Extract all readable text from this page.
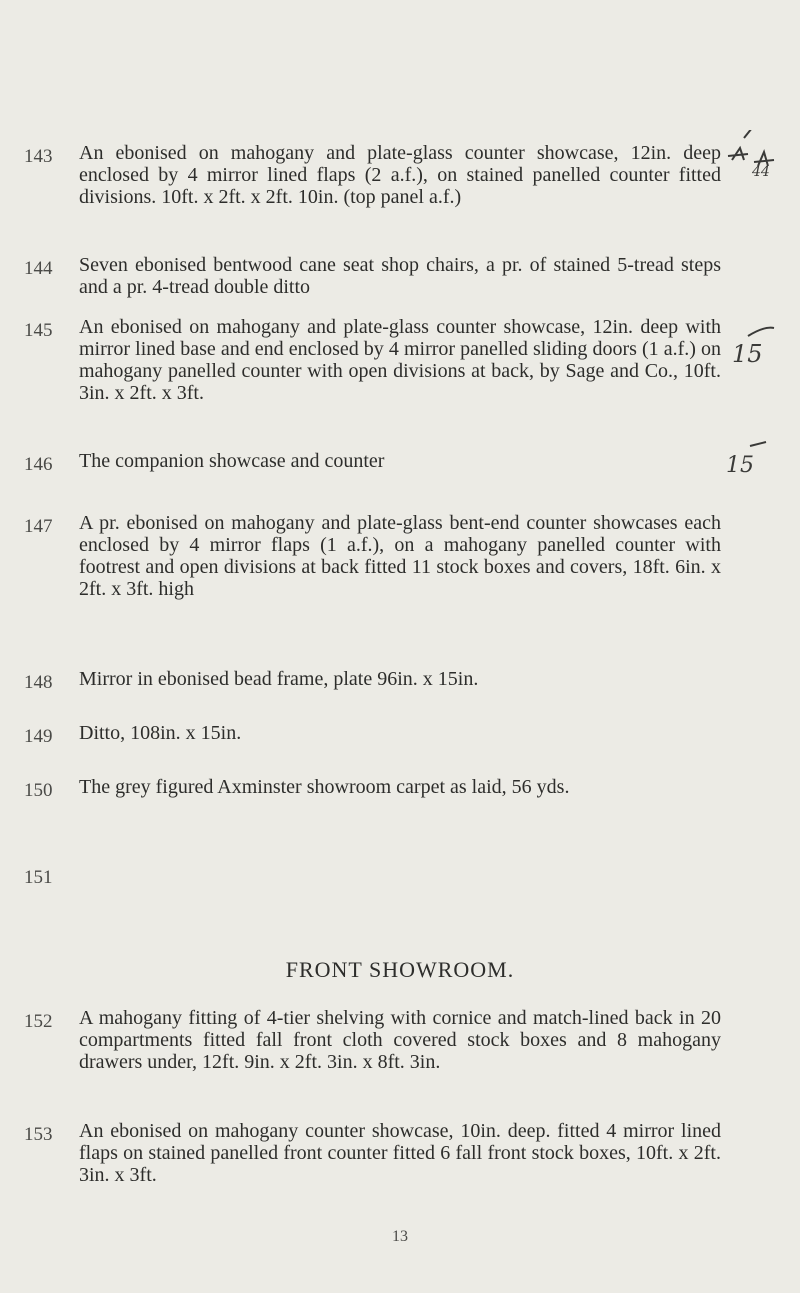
143 An ebonised on mahogany and plate-glass counter showcase, 12in. deep enclosed by 4 mirror lined flaps (2 a.f.), on stained panelled counter fitted divisions. 10ft. x 2ft. x 2ft. 10in. (top panel a.f.)

144 Seven ebonised bentwood cane seat shop chairs, a pr. of stained 5-tread steps and a pr. 4-tread double ditto

145 An ebonised on mahogany and plate-glass counter showcase, 12in. deep with mirror lined base and end enclosed by 4 mirror panelled sliding doors (1 a.f.) on mahogany panelled counter with open divisions at back, by Sage and Co., 10ft. 3in. x 2ft. x 3ft.

146 The companion showcase and counter

147 A pr. ebonised on mahogany and plate-glass bent-end counter showcases each enclosed by 4 mirror flaps (1 a.f.), on a mahogany panelled counter with footrest and open divisions at back fitted 11 stock boxes and covers, 18ft. 6in. x 2ft. x 3ft. high

148 Mirror in ebonised bead frame, plate 96in. x 15in.

149 Ditto, 108in. x 15in.

150 The grey figured Axminster showroom carpet as laid, 56 yds.

151

FRONT SHOWROOM.

152 A mahogany fitting of 4-tier shelving with cornice and match-lined back in 20 compartments fitted fall front cloth covered stock boxes and 8 mahogany drawers under, 12ft. 9in. x 2ft. 3in. x 8ft. 3in.

153 An ebonised on mahogany counter showcase, 10in. deep. fitted 4 mirror lined flaps on stained panelled front counter fitted 6 fall front stock boxes, 10ft. x 2ft. 3in. x 3ft.

13
44
15
15
